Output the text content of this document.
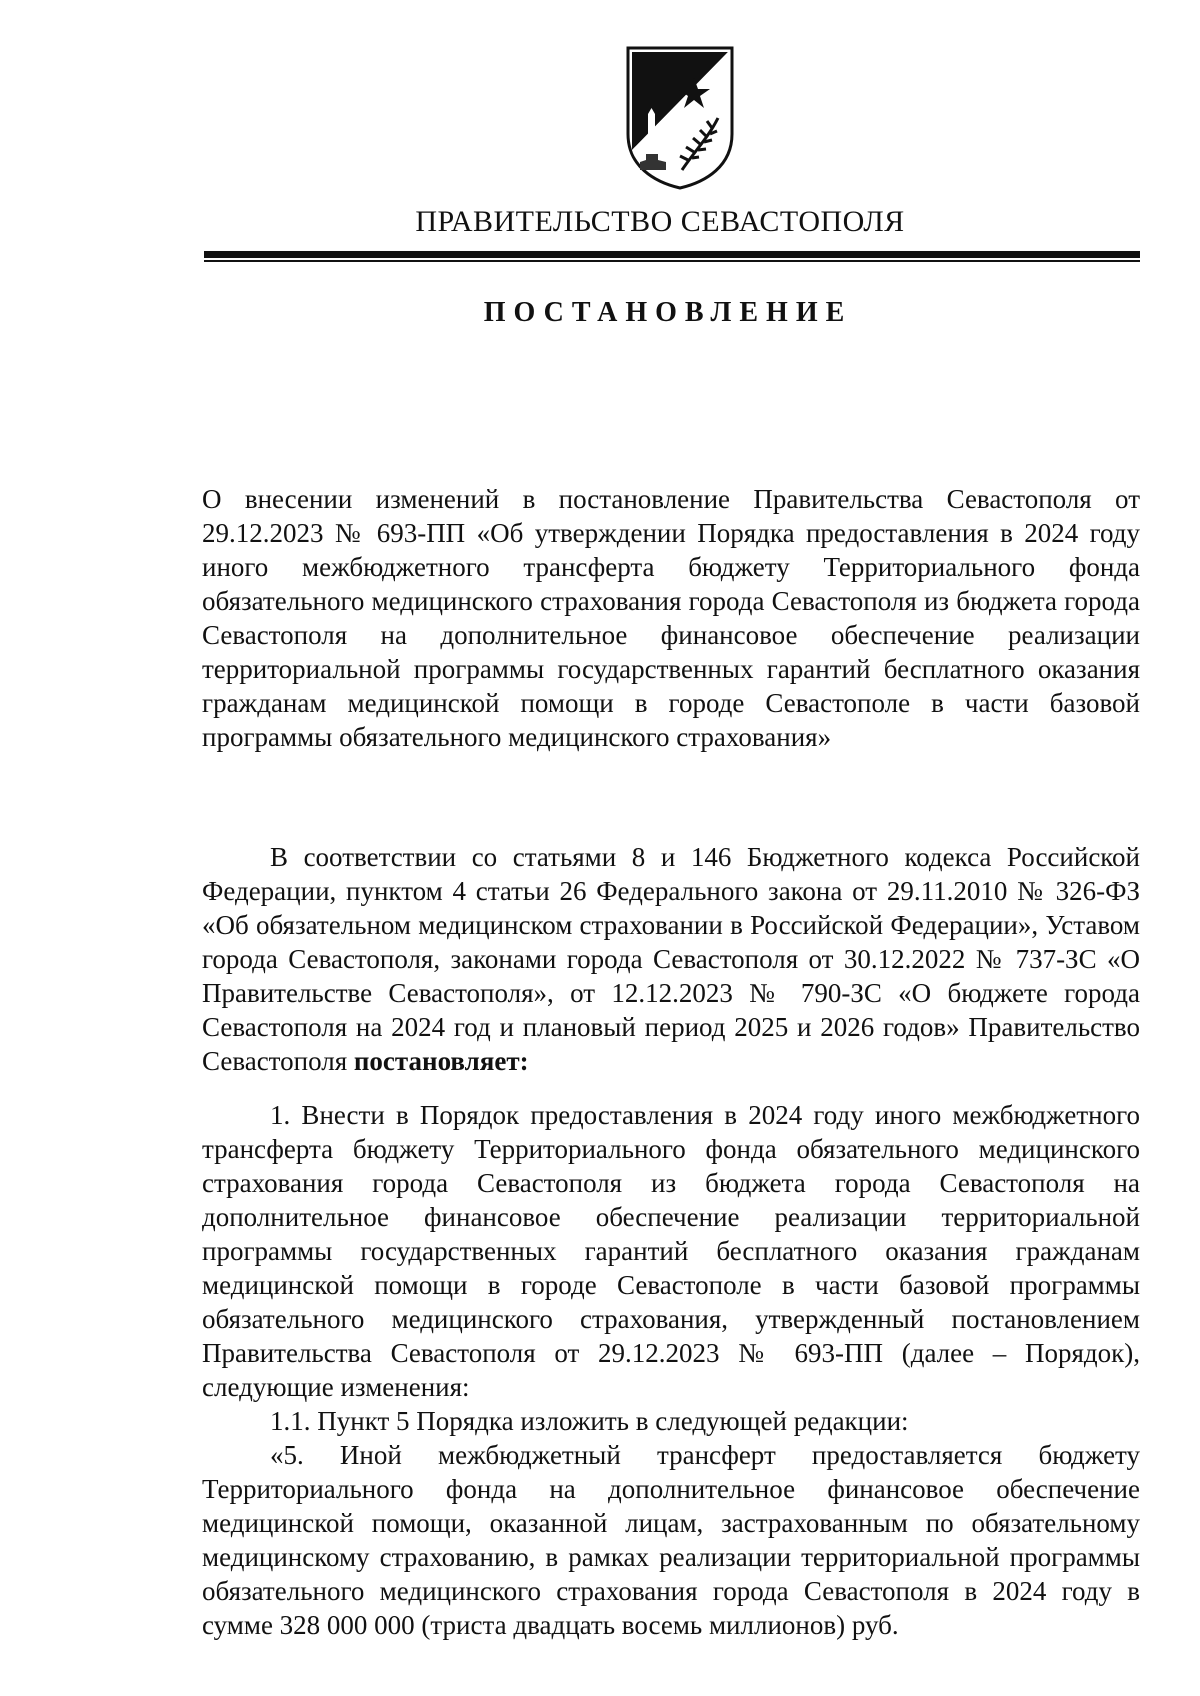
ПРАВИТЕЛЬСТВО СЕВАСТОПОЛЯ
ПОСТАНОВЛЕНИЕ

О внесении изменений в постановление Правительства Севастополя от 29.12.2023 № 693-ПП «Об утверждении Порядка предоставления в 2024 году иного межбюджетного трансферта бюджету Территориального фонда обязательного медицинского страхования города Севастополя из бюджета города Севастополя на дополнительное финансовое обеспечение реализации территориальной программы государственных гарантий бесплатного оказания гражданам медицинской помощи в городе Севастополе в части базовой программы обязательного медицинского страхования»

В соответствии со статьями 8 и 146 Бюджетного кодекса Российской Федерации, пунктом 4 статьи 26 Федерального закона от 29.11.2010 № 326-ФЗ «Об обязательном медицинском страховании в Российской Федерации», Уставом города Севастополя, законами города Севастополя от 30.12.2022 № 737-ЗС «О Правительстве Севастополя», от 12.12.2023 № 790-ЗС «О бюджете города Севастополя на 2024 год и плановый период 2025 и 2026 годов» Правительство Севастополя постановляет:

1. Внести в Порядок предоставления в 2024 году иного межбюджетного трансферта бюджету Территориального фонда обязательного медицинского страхования города Севастополя из бюджета города Севастополя на дополнительное финансовое обеспечение реализации территориальной программы государственных гарантий бесплатного оказания гражданам медицинской помощи в городе Севастополе в части базовой программы обязательного медицинского страхования, утвержденный постановлением Правительства Севастополя от 29.12.2023 № 693-ПП (далее – Порядок), следующие изменения:

1.1. Пункт 5 Порядка изложить в следующей редакции:

«5. Иной межбюджетный трансферт предоставляется бюджету Территориального фонда на дополнительное финансовое обеспечение медицинской помощи, оказанной лицам, застрахованным по обязательному медицинскому страхованию, в рамках реализации территориальной программы обязательного медицинского страхования города Севастополя в 2024 году в сумме 328 000 000 (триста двадцать восемь миллионов) руб.
